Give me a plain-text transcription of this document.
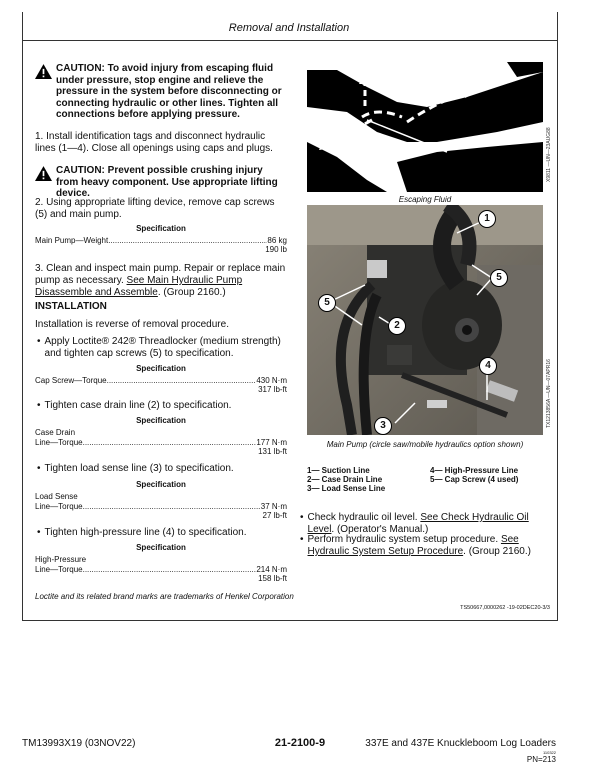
Removal and Installation
CAUTION: To avoid injury from escaping fluid under pressure, stop engine and relieve the pressure in the system before disconnecting or connecting hydraulic or other lines. Tighten all connections before applying pressure.
1. Install identification tags and disconnect hydraulic lines (1—4). Close all openings using caps and plugs.
CAUTION: Prevent possible crushing injury from heavy component. Use appropriate lifting device.
2. Using appropriate lifting device, remove cap screws (5) and main pump.
Specification
Main Pump—Weight .....	86 kg
190 lb
3. Clean and inspect main pump. Repair or replace main pump as necessary. See Main Hydraulic Pump Disassemble and Assemble. (Group 2160.)
INSTALLATION
Installation is reverse of removal procedure.
• Apply Loctite® 242® Threadlocker (medium strength) and tighten cap screws (5) to specification.
Specification
Cap Screw—Torque .....	430 N·m
317 lb-ft
• Tighten case drain line (2) to specification.
Specification
Case Drain
Line—Torque .....	177 N·m
131 lb-ft
• Tighten load sense line (3) to specification.
Specification
Load Sense
Line—Torque .....	37 N·m
27 lb-ft
• Tighten high-pressure line (4) to specification.
Specification
High-Pressure
Line—Torque .....	214 N·m
158 lb-ft
Loctite and its related brand marks are trademarks of Henkel Corporation
X9811 —UN—23AUG88
Escaping Fluid
1
2
3
4
5
5
TX1213856A —UN—07APR16
Main Pump (circle saw/mobile hydraulics option shown)
1— Suction Line
2— Case Drain Line
3— Load Sense Line
4— High-Pressure Line
5— Cap Screw (4 used)
• Check hydraulic oil level. See Check Hydraulic Oil Level. (Operator's Manual.)
• Perform hydraulic system setup procedure. See Hydraulic System Setup Procedure. (Group 2160.)
TS50667,0000262 -19-02DEC20-3/3
TM13993X19 (03NOV22)	21-2100-9	337E and 437E Knuckleboom Log Loaders
110322
PN=213
